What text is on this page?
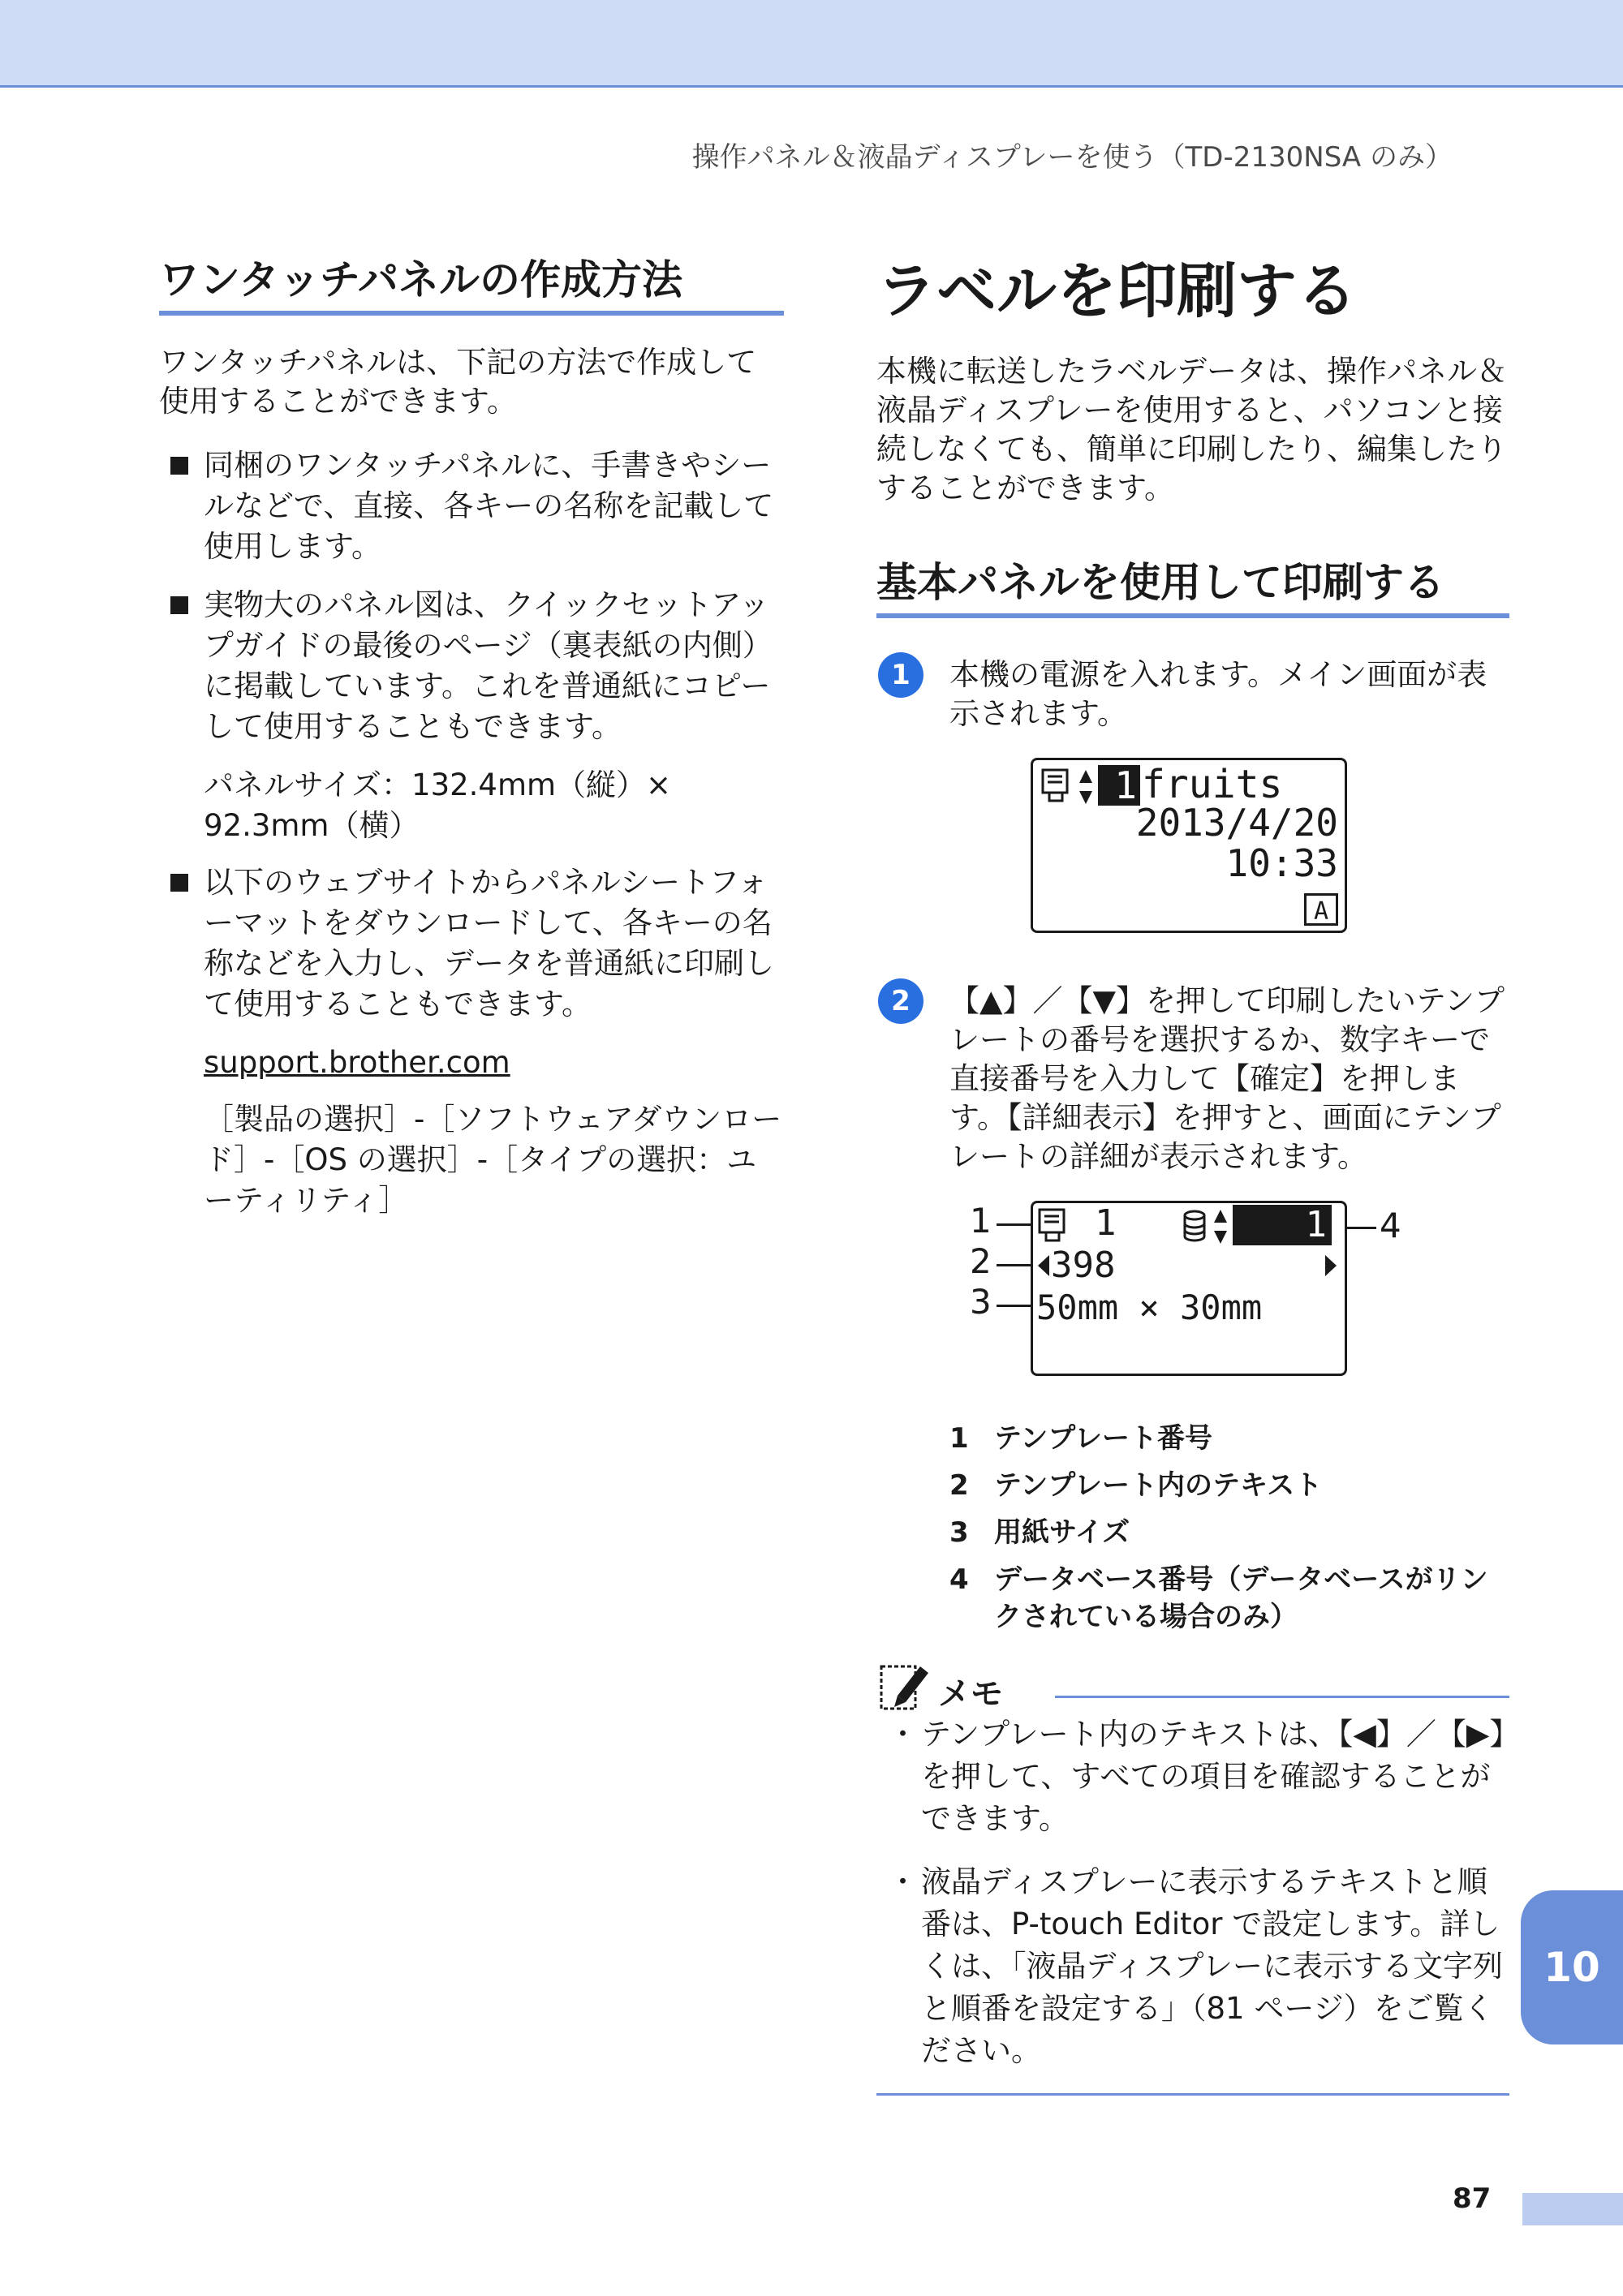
操作パネル＆液晶ディスプレーを使う（TD-2130NSA のみ）
ワンタッチパネルの作成方法

ワンタッチパネルは、下記の方法で作成して使用することができます。

同梱のワンタッチパネルに、手書きやシールなどで、直接、各キーの名称を記載して使用します。
実物大のパネル図は、クイックセットアップガイドの最後のページ（裏表紙の内側）に掲載しています。これを普通紙にコピーして使用することもできます。
パネルサイズ：132.4mm（縦）× 92.3mm（横）
以下のウェブサイトからパネルシートフォーマットをダウンロードして、各キーの名称などを入力し、データを普通紙に印刷して使用することもできます。
support.brother.com
［製品の選択］-［ソフトウェアダウンロード］-［OS の選択］-［タイプの選択：ユーティリティ］
ラベルを印刷する

本機に転送したラベルデータは、操作パネル＆液晶ディスプレーを使用すると、パソコンと接続しなくても、簡単に印刷したり、編集したりすることができます。

基本パネルを使用して印刷する
1	本機の電源を入れます。メイン画面が表示されます。
1 fruits
2013/4/20
10:33
A
2	【▲】／【▼】を押して印刷したいテンプレートの番号を選択するか、数字キーで直接番号を入力して【確定】を押します。【詳細表示】を押すと、画面にテンプレートの詳細が表示されます。
1
2
3
4
1	1
398
50mm × 30mm
1 テンプレート番号
2 テンプレート内のテキスト
3 用紙サイズ
4 データベース番号（データベースがリンクされている場合のみ）
メモ
・ テンプレート内のテキストは、【◀】／【▶】を押して、すべての項目を確認することができます。
・ 液晶ディスプレーに表示するテキストと順番は、P-touch Editor で設定します。詳しくは、「液晶ディスプレーに表示する文字列と順番を設定する」（81 ページ）をご覧ください。
10
87
